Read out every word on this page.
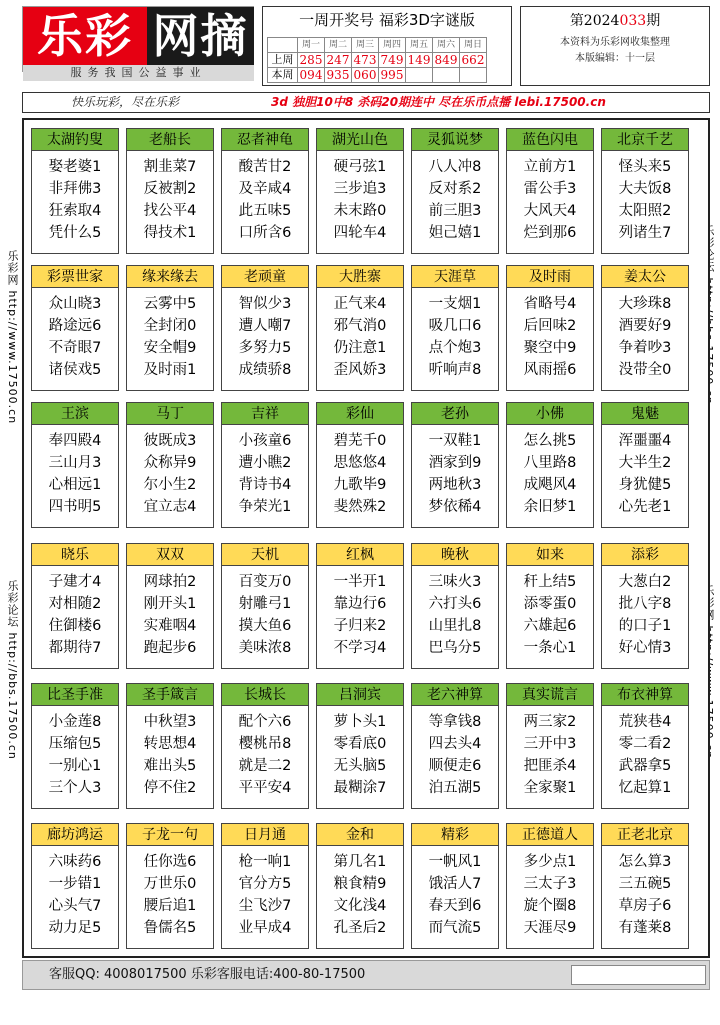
乐彩 网摘
服务我国公益事业
一周开奖号 福彩3D字谜版
	周一	周二	周三	周四	周五	周六	周日
上周	285	247	473	749	149	849	662
本周	094	935	060	995			
第2024033期
本资料为乐彩网收集整理
本版编辑：十一层
快乐玩彩，尽在乐彩	3d 独胆10中8 杀码20期连中 尽在乐币点播 lebi.17500.cn
乐彩网 http://www.17500.cn
乐彩论坛 http://bbs.17500.cn
太湖钓叟
娶老婆1
非拜佛3
狂索取4
凭什么5
老船长
割韭菜7
反被割2
找公平4
得技术1
忍者神龟
酸苦甘2
及辛咸4
此五味5
口所含6
湖光山色
硬弓弦1
三步追3
未末路0
四轮车4
灵狐说梦
八人冲8
反对系2
前三胆3
妲己嬉1
蓝色闪电
立前方1
雷公手3
大风天4
烂到那6
北京千艺
怪头来5
大夫饭8
太阳照2
列诸生7
彩票世家
众山晓3
路途远6
不奇眼7
诸侯戏5
缘来缘去
云雾中5
全封闭0
安全帽9
及时雨1
老顽童
智似少3
遭人嘲7
多努力5
成绩骄8
大胜寨
正气来4
邪气消0
仍注意1
歪风娇3
天涯草
一支烟1
吸几口6
点个炮3
听响声8
及时雨
省略号4
后回味2
聚空中9
风雨摇6
姜太公
大珍珠8
酒要好9
争着吵3
没带全0
王滨
奉四殿4
三山月3
心相远1
四书明5
马丁
彼既成3
众称异9
尔小生2
宜立志4
吉祥
小孩童6
遭小瞧2
背诗书4
争荣光1
彩仙
碧芜千0
思悠悠4
九歌毕9
斐然殊2
老孙
一双鞋1
酒家到9
两地秋3
梦依稀4
小佛
怎么挑5
八里路8
成飓风4
余旧梦1
鬼魅
浑噩噩4
大半生2
身犹健5
心先老1
晓乐
子建才4
对相随2
住御楼6
都期待7
双双
网球拍2
刚开头1
实难咽4
跑起步6
天机
百变万0
射雕弓1
摸大鱼6
美味浓8
红枫
一半开1
靠边行6
子归来2
不学习4
晚秋
三味火3
六打头6
山里扎8
巴乌分5
如来
秆上结5
添零蛋0
六雄起6
一条心1
添彩
大葱白2
批八字8
的口子1
好心情3
比圣手准
小金莲8
压缩包5
一别心1
三个人3
圣手箴言
中秋望3
转思想4
难出头5
停不住2
长城长
配个六6
樱桃吊8
就是二2
平平安4
吕洞宾
萝卜头1
零看底0
无头脑5
最糊涂7
老六神算
等拿钱8
四去头4
顺便走6
泊五湖5
真实谎言
两三家2
三开中3
把匪杀4
全家聚1
布衣神算
荒狭巷4
零二看2
武器拿5
忆起算1
廊坊鸿运
六味药6
一步错1
心头气7
动力足5
子龙一句
任你选6
万世乐0
腰后追1
鲁儒名5
日月通
枪一响1
官分方5
尘飞沙7
业早成4
金和
第几名1
粮食精9
文化浅4
孔圣后2
精彩
一帆风1
饿活人7
春天到6
而气流5
正德道人
多少点1
三太子3
旋个圈8
天涯尽9
正老北京
怎么算3
三五碗5
草房子6
有蓬莱8
客服QQ: 4008017500 乐彩客服电话:400-80-17500
